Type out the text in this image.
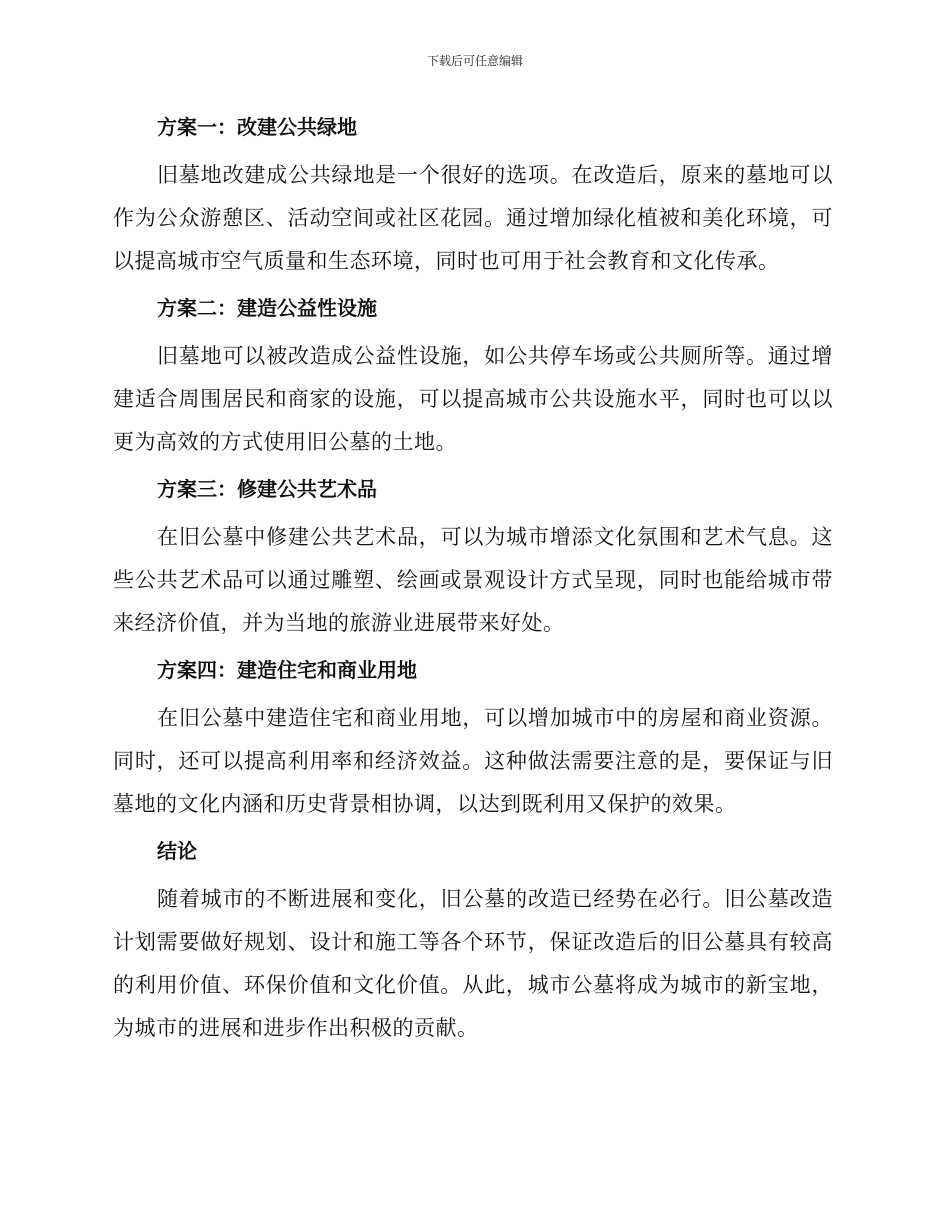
下载后可任意编辑
方案一：改建公共绿地
旧墓地改建成公共绿地是一个很好的选项。在改造后，原来的墓地可以作为公众游憩区、活动空间或社区花园。通过增加绿化植被和美化环境，可以提高城市空气质量和生态环境，同时也可用于社会教育和文化传承。
方案二：建造公益性设施
旧墓地可以被改造成公益性设施，如公共停车场或公共厕所等。通过增建适合周围居民和商家的设施，可以提高城市公共设施水平，同时也可以以更为高效的方式使用旧公墓的土地。
方案三：修建公共艺术品
在旧公墓中修建公共艺术品，可以为城市增添文化氛围和艺术气息。这些公共艺术品可以通过雕塑、绘画或景观设计方式呈现，同时也能给城市带来经济价值，并为当地的旅游业进展带来好处。
方案四：建造住宅和商业用地
在旧公墓中建造住宅和商业用地，可以增加城市中的房屋和商业资源。同时，还可以提高利用率和经济效益。这种做法需要注意的是，要保证与旧墓地的文化内涵和历史背景相协调，以达到既利用又保护的效果。
结论
随着城市的不断进展和变化，旧公墓的改造已经势在必行。旧公墓改造计划需要做好规划、设计和施工等各个环节，保证改造后的旧公墓具有较高的利用价值、环保价值和文化价值。从此，城市公墓将成为城市的新宝地，为城市的进展和进步作出积极的贡献。
